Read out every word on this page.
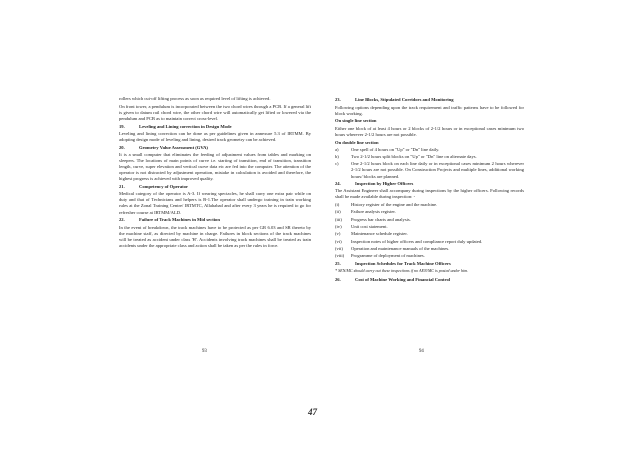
rollers which cut-off lifting process as soon as required level of lifting is achieved.

On front tower, a pendulum is incorporated between the two chord wires through a PCB. If a general lift is given to datum rail chord wire, the other chord wire will automatically get lifted or lowered via the pendulum and PCB as to maintain correct cross-level.

19.	Leveling and Lining correction in Design Mode

Leveling and lining correction can be done as per guidelines given in annexure 5.3 of IRTMM. By adopting design mode of leveling and lining, desired track geometry can be achieved.

20.	Geometry Value Assessment (GVA)

It is a small computer that eliminates the feeding of adjustment values from tables and marking on sleepers. The locations of main points of curve i.e. starting of transition, end of transition, transition length, curve, super elevation and vertical curve data etc are fed into the computer. The attention of the operator is not distracted by adjustment operation, mistake in calculation is avoided and therefore, the highest progress is achieved with improved quality.

21.	Competency of Operator

Medical category of the operator is A-3. If wearing spectacles, he shall carry one extra pair while on duty and that of Technicians and helpers is B-1.The operator shall undergo training in train working rules at the Zonal Training Centre/ IRTMTC, Allahabad and after every 3 years he is required to go for refresher course at IRTMM/ALD.

22.	Failure of Track Machines in Mid section

In the event of breakdown, the track machines have to be protected as per GR 6.03 and SR thereto by the machine staff, as directed by machine in charge. Failures in block sections of the track machines will be treated as accident under class 'H'. Accidents involving track machines shall be treated as train accidents under the appropriate class and action shall be taken as per the rules in force.

23.	Line Blocks, Stipulated Corridors and Monitoring

Following options depending upon the track requirement and traffic patterns have to be followed for block working.

On single line section

Either one block of at least 4 hours or 2 blocks of 2-1/2 hours or in exceptional cases minimum two hours wherever 2-1/2 hours are not possible.

On double line section
a)	One spell of 4 hours on "Up" or "Dn" line daily.
b)	Two 2-1/2 hours split blocks on "Up" or "Dn" line on alternate days.
c)	One 2-1/2 hours block on each line daily or in exceptional cases minimum 2 hours wherever 2-1/2 hours are not possible. On Construction Projects and multiple lines, additional working hours/ blocks are planned.
24.	Inspection by Higher Officers

The Assistant Engineer shall accompany during inspections by the higher officers. Following records shall be made available during inspection: -

(i)	History register of the engine and the machine.
(ii)	Failure analysis register.
(iii)	Progress bar charts and analysis.
(iv)	Unit cost statement.
(v)	Maintenance schedule register.
(vi)	Inspection notes of higher officers and compliance report duly updated.
(vii)	Operation and maintenance manuals of the machines.
(viii)	Programme of deployment of machines.
25.	Inspection Schedules for Track Machine Officers
* SEN/MC should carry out these inspections if no AEN/MC is posted under him.
26.	Cost of Machine Working and Financial Control
93	94
47
